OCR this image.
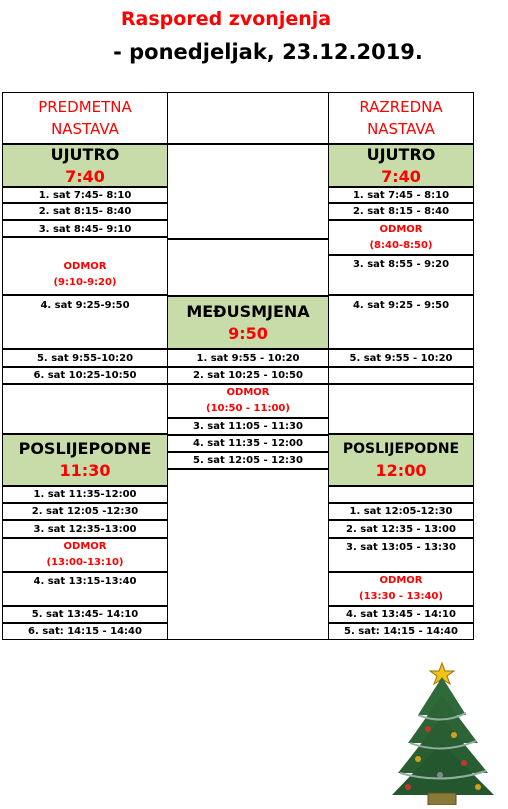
Raspored zvonjenja
- ponedjeljak, 23.12.2019.
PREDMETNA
NASTAVA
UJUTRO
7:40
1. sat 7:45- 8:10
2. sat 8:15- 8:40
3. sat 8:45- 9:10
ODMOR
(9:10-9:20)
4. sat 9:25-9:50
5. sat 9:55-10:20
6. sat 10:25-10:50
POSLIJEPODNE
11:30
1. sat 11:35-12:00
2. sat 12:05 -12:30
3. sat 12:35-13:00
ODMOR
(13:00-13:10)
4. sat 13:15-13:40
5. sat 13:45- 14:10
6. sat: 14:15 - 14:40
MEĐUSMJENA
9:50
1. sat 9:55 - 10:20
2. sat 10:25 - 10:50
ODMOR
(10:50 - 11:00)
3. sat 11:05 - 11:30
4. sat 11:35 - 12:00
5. sat 12:05 - 12:30
RAZREDNA
NASTAVA
UJUTRO
7:40
1. sat 7:45 - 8:10
2. sat 8:15 - 8:40
ODMOR
(8:40-8:50)
3. sat 8:55 - 9:20
4. sat 9:25 - 9:50
5. sat 9:55 - 10:20
POSLIJEPODNE
12:00
1. sat 12:05-12:30
2. sat 12:35 - 13:00
3. sat 13:05 - 13:30
ODMOR
(13:30 - 13:40)
4. sat 13:45 - 14:10
5. sat: 14:15 - 14:40
